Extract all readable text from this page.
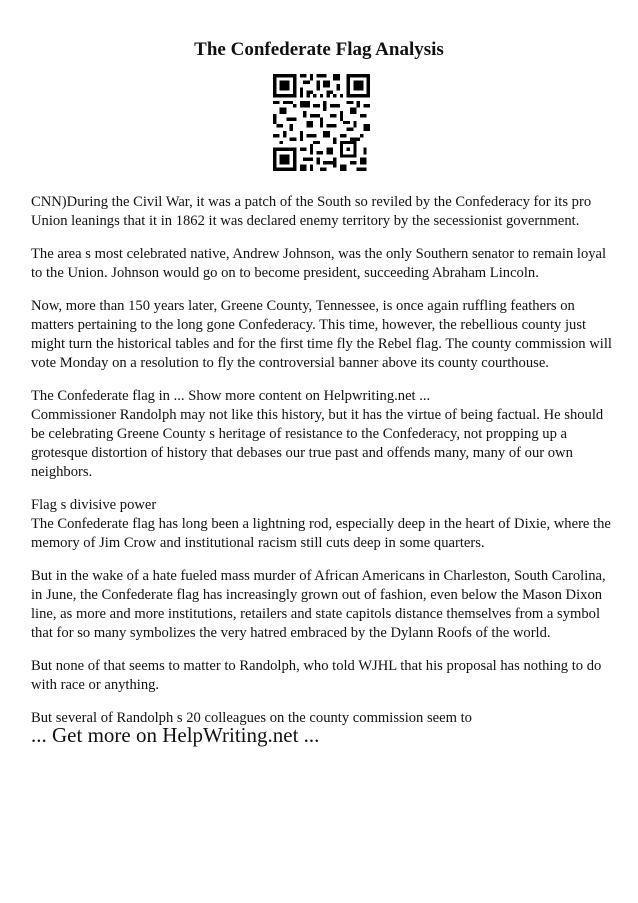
The Confederate Flag Analysis

CNN)During the Civil War, it was a patch of the South so reviled by the Confederacy for its pro Union leanings that it in 1862 it was declared enemy territory by the secessionist government.

The area s most celebrated native, Andrew Johnson, was the only Southern senator to remain loyal to the Union. Johnson would go on to become president, succeeding Abraham Lincoln.

Now, more than 150 years later, Greene County, Tennessee, is once again ruffling feathers on matters pertaining to the long gone Confederacy. This time, however, the rebellious county just might turn the historical tables and for the first time fly the Rebel flag. The county commission will vote Monday on a resolution to fly the controversial banner above its county courthouse.

The Confederate flag in ... Show more content on Helpwriting.net ...

Commissioner Randolph may not like this history, but it has the virtue of being factual. He should be celebrating Greene County s heritage of resistance to the Confederacy, not propping up a grotesque distortion of history that debases our true past and offends many, many of our own neighbors.

Flag s divisive power

The Confederate flag has long been a lightning rod, especially deep in the heart of Dixie, where the memory of Jim Crow and institutional racism still cuts deep in some quarters.

But in the wake of a hate fueled mass murder of African Americans in Charleston, South Carolina, in June, the Confederate flag has increasingly grown out of fashion, even below the Mason Dixon line, as more and more institutions, retailers and state capitols distance themselves from a symbol that for so many symbolizes the very hatred embraced by the Dylann Roofs of the world.

But none of that seems to matter to Randolph, who told WJHL that his proposal has nothing to do with race or anything.

But several of Randolph s 20 colleagues on the county commission seem to

... Get more on HelpWriting.net ...
